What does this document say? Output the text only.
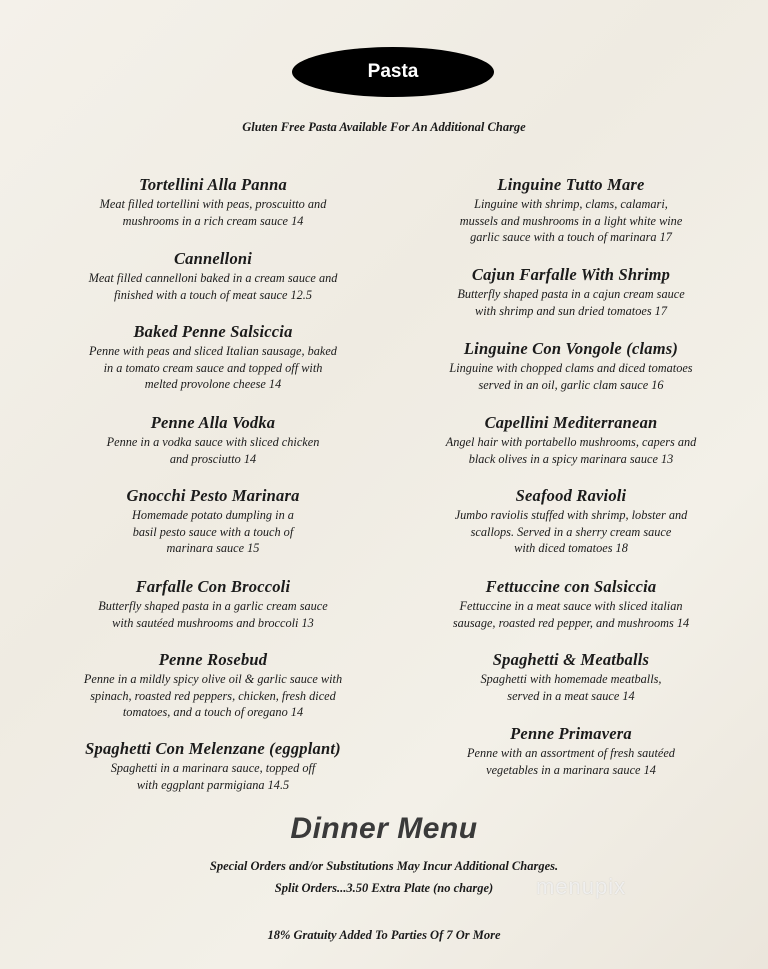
Pasta
Gluten Free Pasta Available For An Additional Charge
Tortellini Alla Panna
Meat filled tortellini with peas, proscuitto and
mushrooms in a rich cream sauce 14
Cannelloni
Meat filled cannelloni baked in a cream sauce and
finished with a touch of meat sauce 12.5
Baked Penne Salsiccia
Penne with peas and sliced Italian sausage, baked
in a tomato cream sauce and topped off with
melted provolone cheese 14
Penne Alla Vodka
Penne in a vodka sauce with sliced chicken
and prosciutto 14
Gnocchi Pesto Marinara
Homemade potato dumpling in a
basil pesto sauce with a touch of
marinara sauce 15
Farfalle Con Broccoli
Butterfly shaped pasta in a garlic cream sauce
with sautéed mushrooms and broccoli 13
Penne Rosebud
Penne in a mildly spicy olive oil & garlic sauce with
spinach, roasted red peppers, chicken, fresh diced
tomatoes, and a touch of oregano 14
Spaghetti Con Melenzane (eggplant)
Spaghetti in a marinara sauce, topped off
with eggplant parmigiana 14.5
Linguine Tutto Mare
Linguine with shrimp, clams, calamari,
mussels and mushrooms in a light white wine
garlic sauce with a touch of marinara 17
Cajun Farfalle With Shrimp
Butterfly shaped pasta in a cajun cream sauce
with shrimp and sun dried tomatoes 17
Linguine Con Vongole (clams)
Linguine with chopped clams and diced tomatoes
served in an oil, garlic clam sauce 16
Capellini Mediterranean
Angel hair with portabello mushrooms, capers and
black olives in a spicy marinara sauce 13
Seafood Ravioli
Jumbo raviolis stuffed with shrimp, lobster and
scallops. Served in a sherry cream sauce
with diced tomatoes 18
Fettuccine con Salsiccia
Fettuccine in a meat sauce with sliced italian
sausage, roasted red pepper, and mushrooms 14
Spaghetti & Meatballs
Spaghetti with homemade meatballs,
served in a meat sauce 14
Penne Primavera
Penne with an assortment of fresh sautéed
vegetables in a marinara sauce 14
Dinner Menu
Special Orders and/or Substitutions May Incur Additional Charges.
Split Orders...3.50 Extra Plate (no charge)
18% Gratuity Added To Parties Of 7 Or More
menupix
